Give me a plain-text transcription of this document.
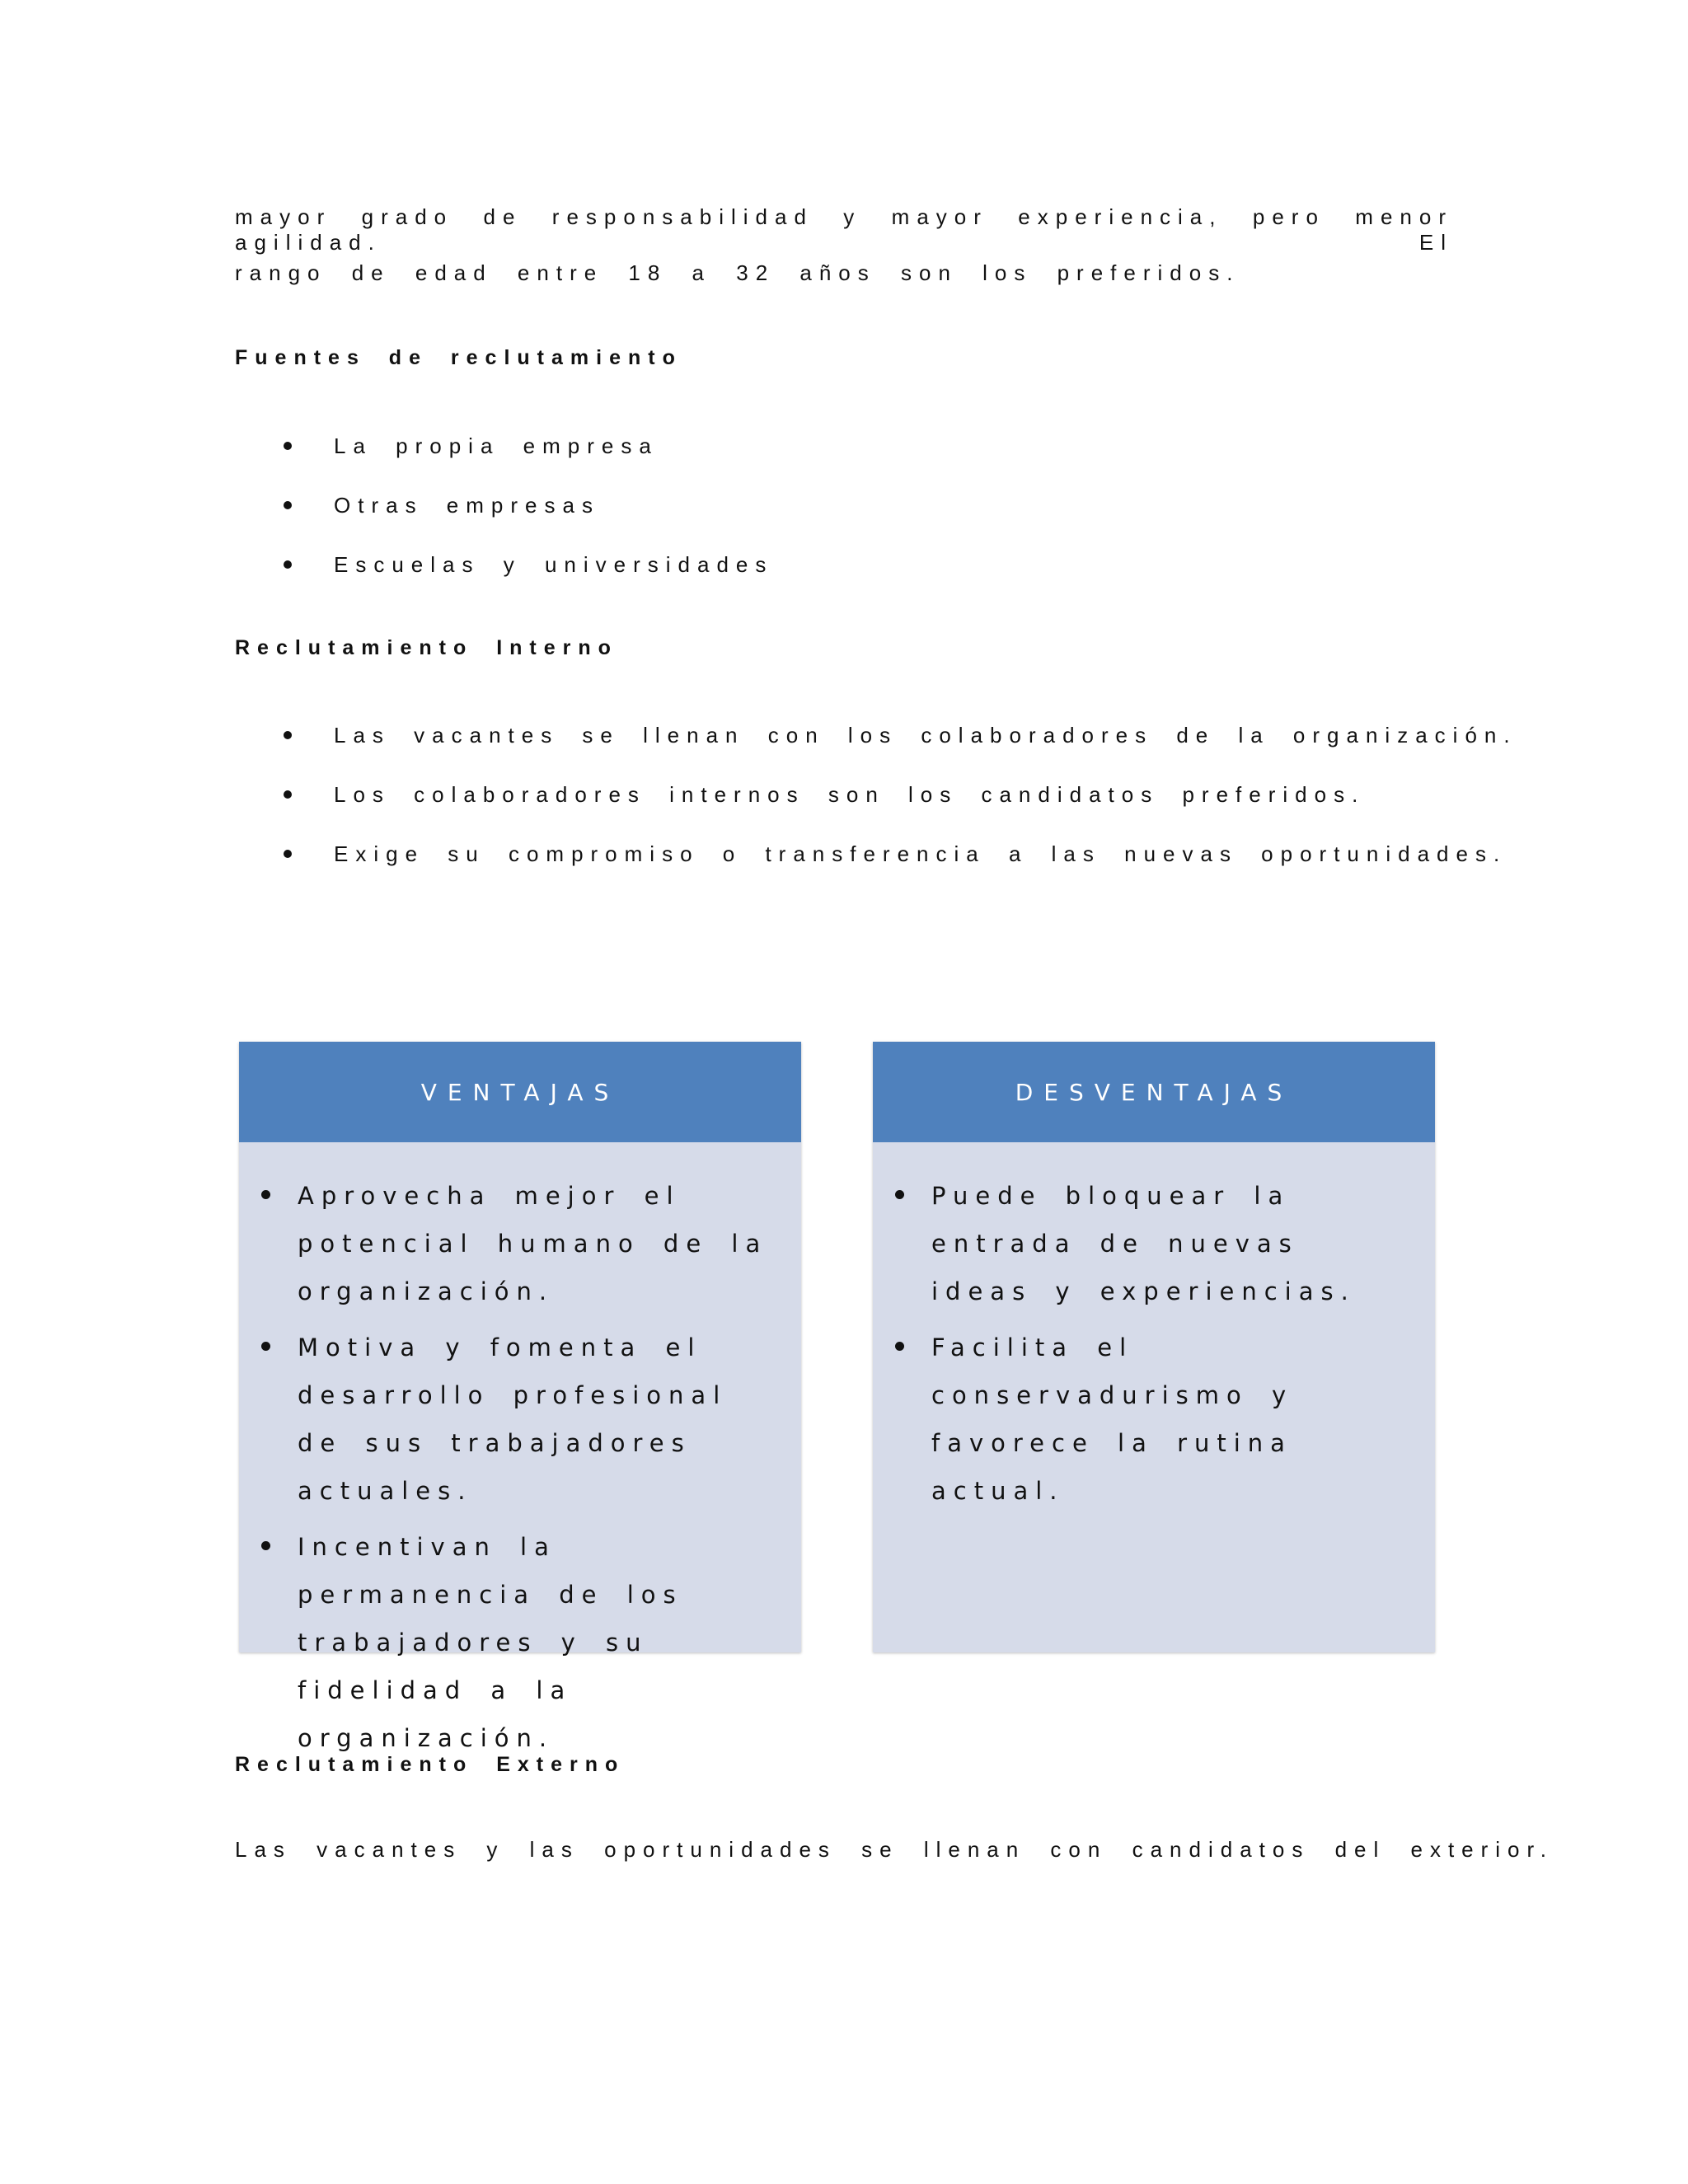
mayor grado de responsabilidad y mayor experiencia, pero menor agilidad. El
rango de edad entre 18 a 32 años son los preferidos.
Fuentes de reclutamiento
La propia empresa
Otras empresas
Escuelas y universidades
Reclutamiento Interno
Las vacantes se llenan con los colaboradores de la organización.
Los colaboradores internos son los candidatos preferidos.
Exige su compromiso o transferencia a las nuevas oportunidades.
VENTAJAS
Aprovecha mejor el potencial humano de la organización.
Motiva y fomenta el desarrollo profesional de sus trabajadores actuales.
Incentivan la permanencia de los trabajadores y su fidelidad a la organización.
DESVENTAJAS
Puede bloquear la entrada de nuevas ideas y experiencias.
Facilita el conservadurismo y favorece la rutina actual.
Reclutamiento Externo
Las vacantes y las oportunidades se llenan con candidatos del exterior.
